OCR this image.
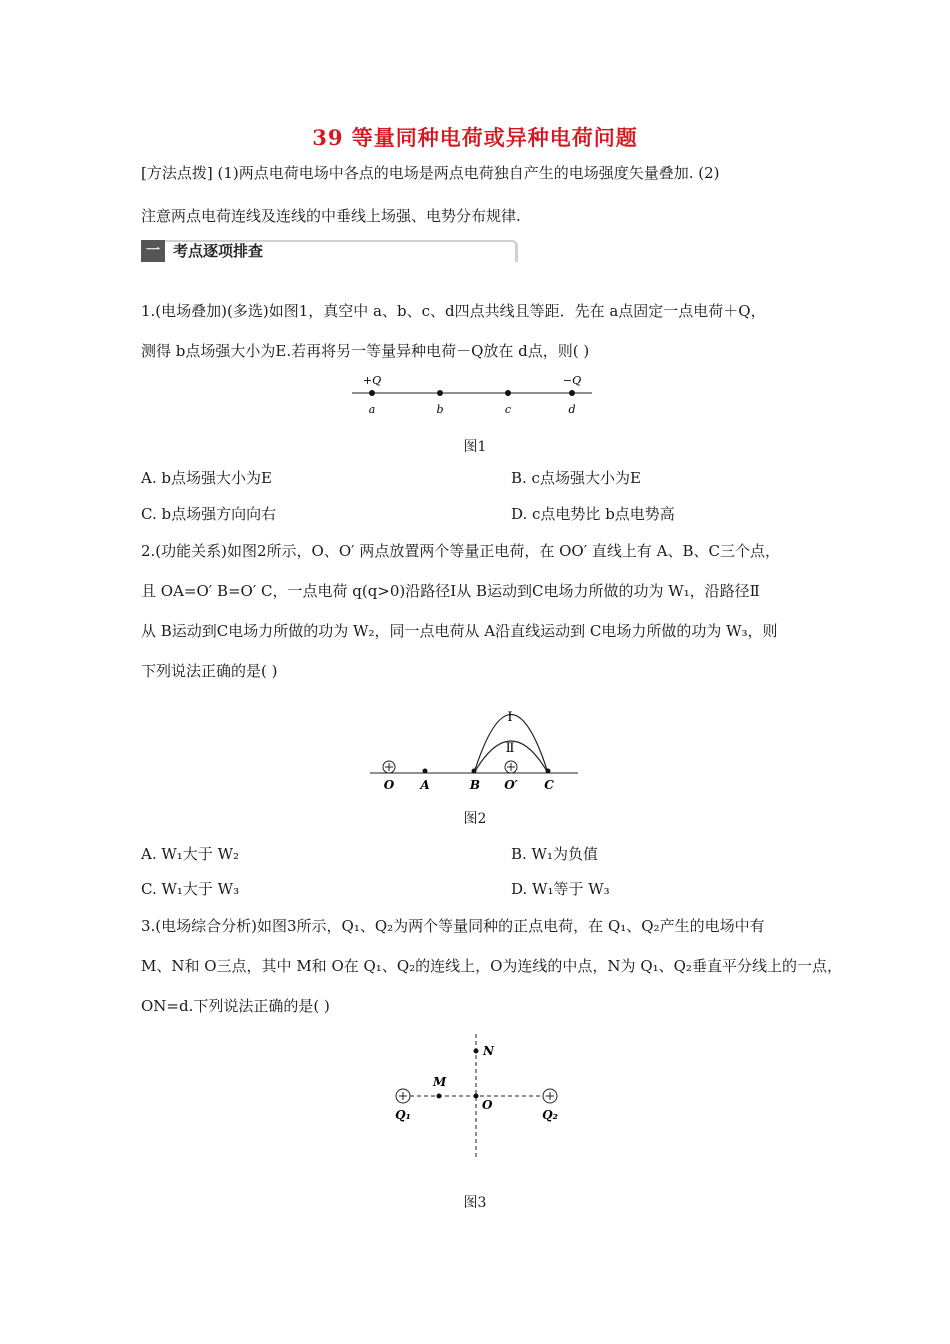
39 等量同种电荷或异种电荷问题
[方法点拨] (1)两点电荷电场中各点的电场是两点电荷独自产生的电场强度矢量叠加. (2)
注意两点电荷连线及连线的中垂线上场强、电势分布规律.
一 考点逐项排查
1.(电场叠加)(多选)如图1，真空中 a、b、c、d四点共线且等距．先在 a点固定一点电荷＋Q，
测得 b点场强大小为E.若再将另一等量异种电荷－Q放在 d点，则( )
+Q	−Q
a	b	c	d
图1
A. b点场强大小为E	B. c点场强大小为E
C. b点场强方向向右	D. c点电势比 b点电势高
2.(功能关系)如图2所示，O、O′ 两点放置两个等量正电荷，在 OO′ 直线上有 A、B、C三个点，
且 OA=O′ B=O′ C，一点电荷 q(q>0)沿路径Ⅰ从 B运动到C电场力所做的功为 W₁，沿路径Ⅱ
从 B运动到C电场力所做的功为 W₂，同一点电荷从 A沿直线运动到 C电场力所做的功为 W₃，则
下列说法正确的是( )
Ⅰ
Ⅱ
O A	B O′ C
图2
A. W₁大于 W₂	B. W₁为负值
C. W₁大于 W₃	D. W₁等于 W₃
3.(电场综合分析)如图3所示，Q₁、Q₂为两个等量同种的正点电荷，在 Q₁、Q₂产生的电场中有
M、N和 O三点，其中 M和 O在 Q₁、Q₂的连线上，O为连线的中点，N为 Q₁、Q₂垂直平分线上的一点，
ON=d.下列说法正确的是( )
N
M
O
Q₁	Q₂
图3
